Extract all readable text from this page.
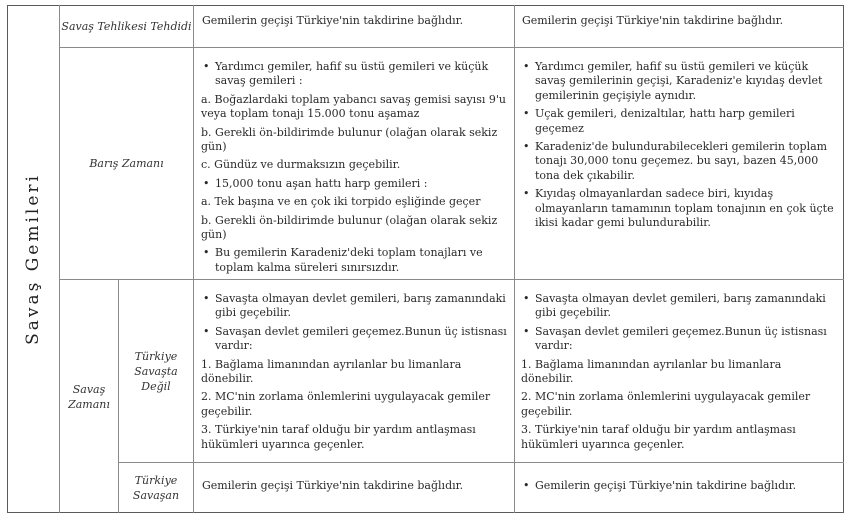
Savaş Gemileri
Savaş Tehlikesi Tehdidi Gemilerin geçişi Türkiye'nin takdirine bağlıdır.	Gemilerin geçişi Türkiye'nin takdirine bağlıdır.
Barış Zamanı
• Yardımcı gemiler, hafif su üstü gemileri ve küçük savaş gemileri :
a. Boğazlardaki toplam yabancı savaş gemisi sayısı 9'u veya toplam tonajı 15.000 tonu aşamaz
b. Gerekli ön-bildirimde bulunur (olağan olarak sekiz gün)
c. Gündüz ve durmaksızın geçebilir.
• 15,000 tonu aşan hattı harp gemileri :
a. Tek başına ve en çok iki torpido eşliğinde geçer
b. Gerekli ön-bildirimde bulunur (olağan olarak sekiz gün)
• Bu gemilerin Karadeniz'deki toplam tonajları ve toplam kalma süreleri sınırsızdır.
• Yardımcı gemiler, hafif su üstü gemileri ve küçük savaş gemilerinin geçişi, Karadeniz'e kıyıdaş devlet gemilerinin geçişiyle aynıdır.
• Uçak gemileri, denizaltılar, hattı harp gemileri geçemez
• Karadeniz'de bulundurabilecekleri gemilerin toplam tonajı 30,000 tonu geçemez. bu sayı, bazen 45,000 tona dek çıkabilir.
• Kıyıdaş olmayanlardan sadece biri, kıyıdaş olmayanların tamamının toplam tonajının en çok üçte ikisi kadar gemi bulundurabilir.
Savaş Zamanı
Türkiye Savaşta Değil
• Savaşta olmayan devlet gemileri, barış zamanındaki gibi geçebilir.
• Savaşan devlet gemileri geçemez.Bunun üç istisnası vardır:
1. Bağlama limanından ayrılanlar bu limanlara dönebilir.
2. MC'nin zorlama önlemlerini uygulayacak gemiler geçebilir.
3. Türkiye'nin taraf olduğu bir yardım antlaşması hükümleri uyarınca geçenler.
• Savaşta olmayan devlet gemileri, barış zamanındaki gibi geçebilir.
• Savaşan devlet gemileri geçemez.Bunun üç istisnası vardır:
1. Bağlama limanından ayrılanlar bu limanlara dönebilir.
2. MC'nin zorlama önlemlerini uygulayacak gemiler geçebilir.
3. Türkiye'nin taraf olduğu bir yardım antlaşması hükümleri uyarınca geçenler.
Türkiye Savaşan
Gemilerin geçişi Türkiye'nin takdirine bağlıdır.
•	Gemilerin geçişi Türkiye'nin takdirine bağlıdır.
